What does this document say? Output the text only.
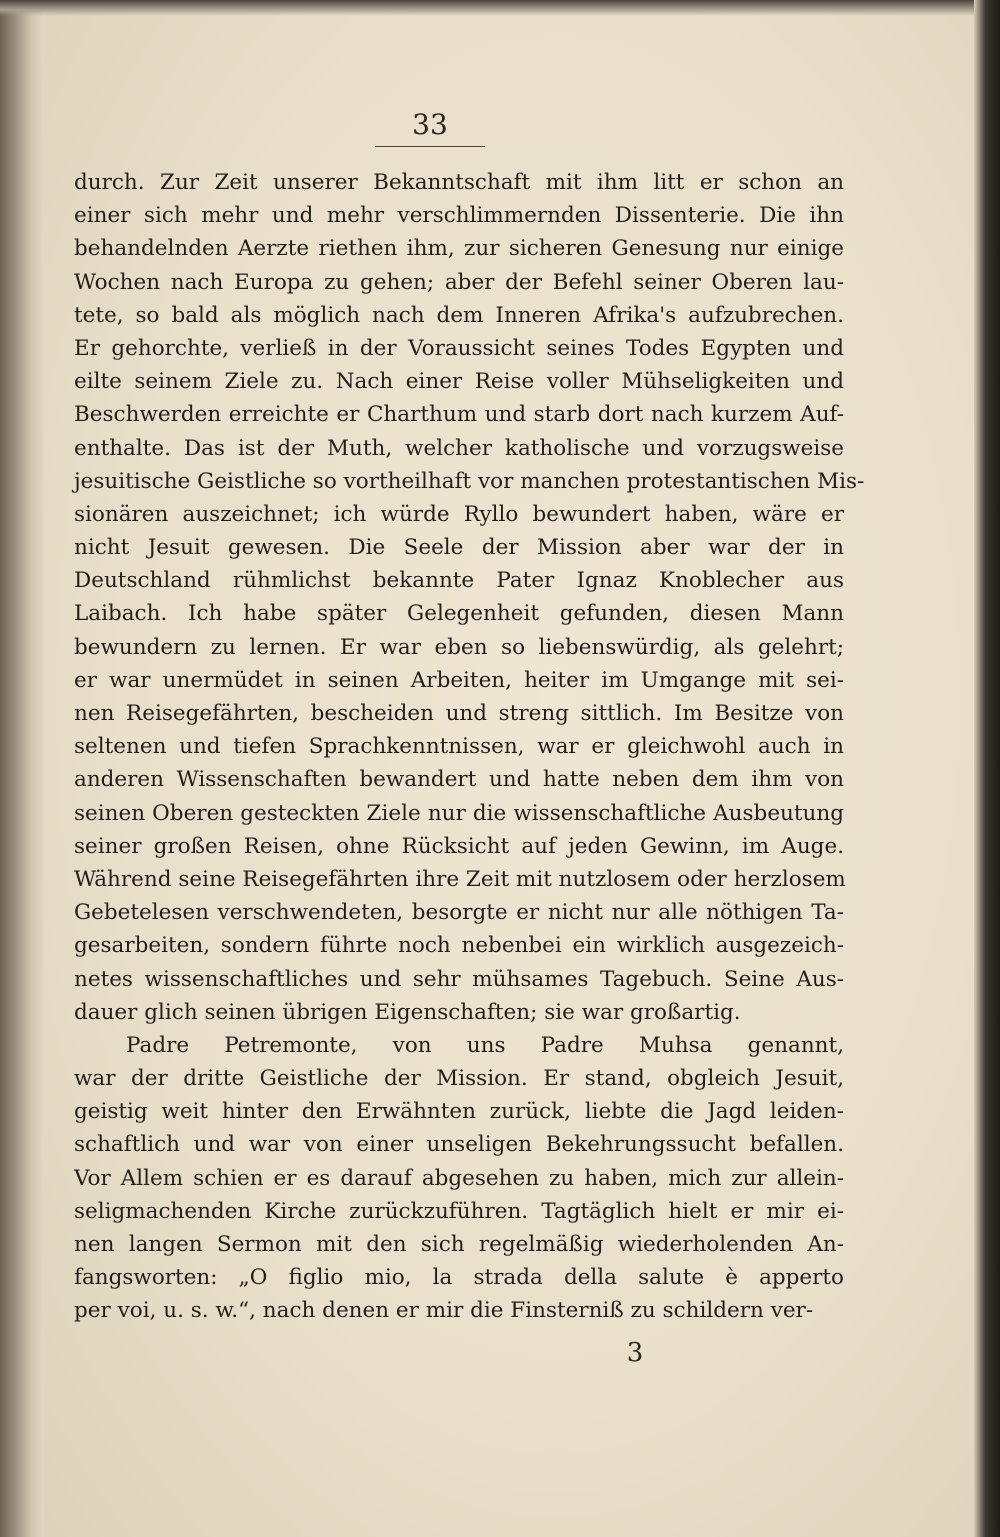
33
durch. Zur Zeit unserer Bekanntschaft mit ihm litt er schon an
einer sich mehr und mehr verschlimmernden Dissenterie. Die ihn
behandelnden Aerzte riethen ihm, zur sicheren Genesung nur einige
Wochen nach Europa zu gehen; aber der Befehl seiner Oberen lau-
tete, so bald als möglich nach dem Inneren Afrika's aufzubrechen.
Er gehorchte, verließ in der Voraussicht seines Todes Egypten und
eilte seinem Ziele zu. Nach einer Reise voller Mühseligkeiten und
Beschwerden erreichte er Charthum und starb dort nach kurzem Auf-
enthalte. Das ist der Muth, welcher katholische und vorzugsweise
jesuitische Geistliche so vortheilhaft vor manchen protestantischen Mis-
sionären auszeichnet; ich würde Ryllo bewundert haben, wäre er
nicht Jesuit gewesen. Die Seele der Mission aber war der in
Deutschland rühmlichst bekannte Pater Ignaz Knoblecher aus
Laibach. Ich habe später Gelegenheit gefunden, diesen Mann
bewundern zu lernen. Er war eben so liebenswürdig, als gelehrt;
er war unermüdet in seinen Arbeiten, heiter im Umgange mit sei-
nen Reisegefährten, bescheiden und streng sittlich. Im Besitze von
seltenen und tiefen Sprachkenntnissen, war er gleichwohl auch in
anderen Wissenschaften bewandert und hatte neben dem ihm von
seinen Oberen gesteckten Ziele nur die wissenschaftliche Ausbeutung
seiner großen Reisen, ohne Rücksicht auf jeden Gewinn, im Auge.
Während seine Reisegefährten ihre Zeit mit nutzlosem oder herzlosem
Gebetelesen verschwendeten, besorgte er nicht nur alle nöthigen Ta-
gesarbeiten, sondern führte noch nebenbei ein wirklich ausgezeich-
netes wissenschaftliches und sehr mühsames Tagebuch. Seine Aus-
dauer glich seinen übrigen Eigenschaften; sie war großartig.
Padre Petremonte, von uns Padre Muhsa genannt,
war der dritte Geistliche der Mission. Er stand, obgleich Jesuit,
geistig weit hinter den Erwähnten zurück, liebte die Jagd leiden-
schaftlich und war von einer unseligen Bekehrungssucht befallen.
Vor Allem schien er es darauf abgesehen zu haben, mich zur allein-
seligmachenden Kirche zurückzuführen. Tagtäglich hielt er mir ei-
nen langen Sermon mit den sich regelmäßig wiederholenden An-
fangsworten: „O figlio mio, la strada della salute è apperto
per voi, u. s. w.“, nach denen er mir die Finsterniß zu schildern ver-
3
